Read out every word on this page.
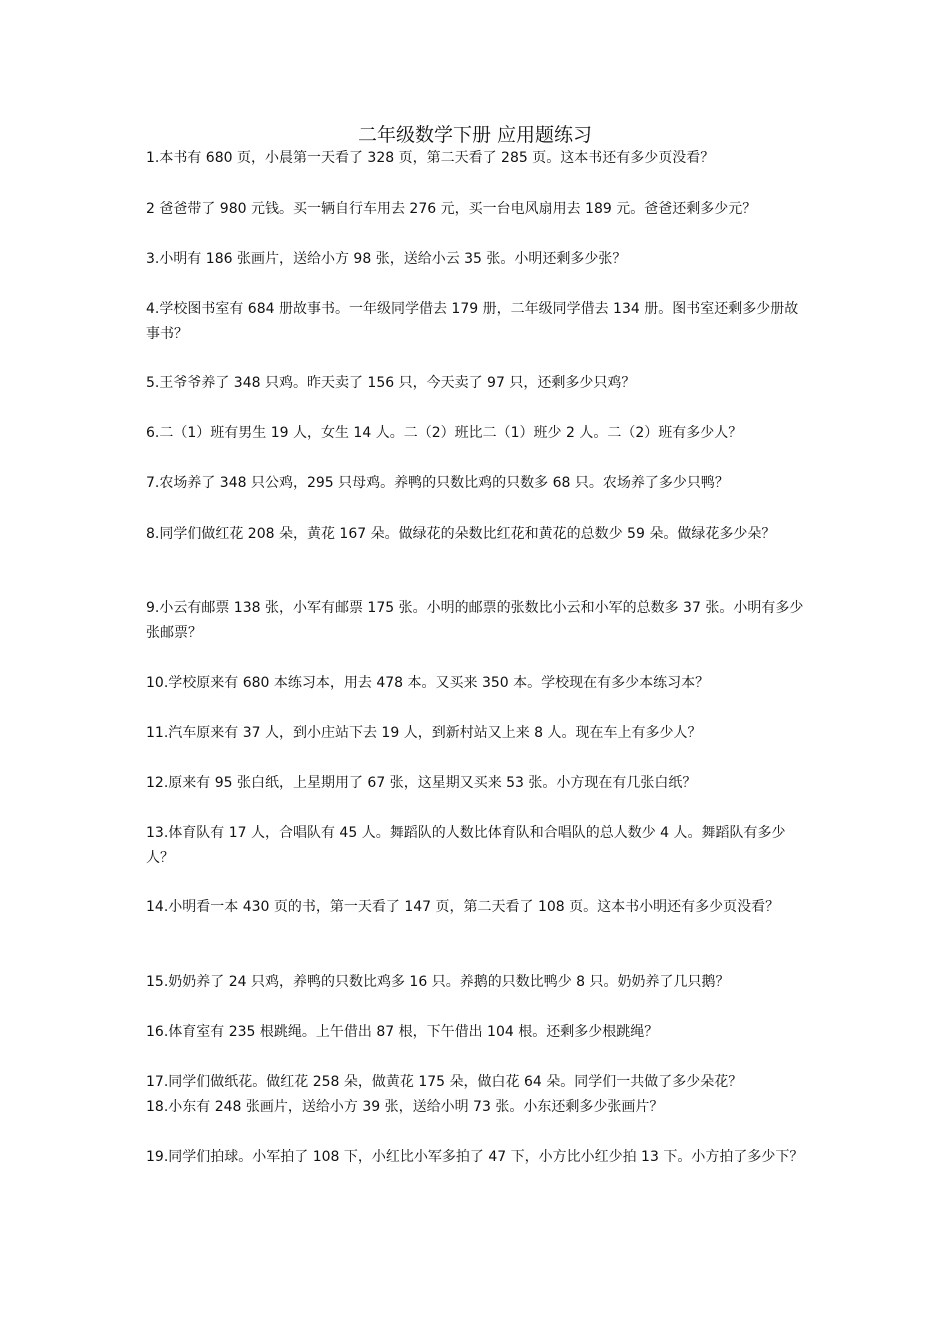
二年级数学下册 应用题练习
1.本书有 680 页，小晨第一天看了 328 页，第二天看了 285 页。这本书还有多少页没看？
2 爸爸带了 980 元钱。买一辆自行车用去 276 元，买一台电风扇用去 189 元。爸爸还剩多少元？
3.小明有 186 张画片，送给小方 98 张，送给小云 35 张。小明还剩多少张？
4.学校图书室有 684 册故事书。一年级同学借去 179 册，二年级同学借去 134 册。图书室还剩多少册故事书？
5.王爷爷养了 348 只鸡。昨天卖了 156 只，今天卖了 97 只，还剩多少只鸡？
6.二（1）班有男生 19 人，女生 14 人。二（2）班比二（1）班少 2 人。二（2）班有多少人？
7.农场养了 348 只公鸡，295 只母鸡。养鸭的只数比鸡的只数多 68 只。农场养了多少只鸭？
8.同学们做红花 208 朵，黄花 167 朵。做绿花的朵数比红花和黄花的总数少 59 朵。做绿花多少朵？
9.小云有邮票 138 张，小军有邮票 175 张。小明的邮票的张数比小云和小军的总数多 37 张。小明有多少张邮票？
10.学校原来有 680 本练习本，用去 478 本。又买来 350 本。学校现在有多少本练习本？
11.汽车原来有 37 人，到小庄站下去 19 人，到新村站又上来 8 人。现在车上有多少人？
12.原来有 95 张白纸，上星期用了 67 张，这星期又买来 53 张。小方现在有几张白纸？
13.体育队有 17 人，合唱队有 45 人。舞蹈队的人数比体育队和合唱队的总人数少 4 人。舞蹈队有多少人？
14.小明看一本 430 页的书，第一天看了 147 页，第二天看了 108 页。这本书小明还有多少页没看？
15.奶奶养了 24 只鸡，养鸭的只数比鸡多 16 只。养鹅的只数比鸭少 8 只。奶奶养了几只鹅？
16.体育室有 235 根跳绳。上午借出 87 根，下午借出 104 根。还剩多少根跳绳？
17.同学们做纸花。做红花 258 朵，做黄花 175 朵，做白花 64 朵。同学们一共做了多少朵花？
18.小东有 248 张画片，送给小方 39 张，送给小明 73 张。小东还剩多少张画片？
19.同学们拍球。小军拍了 108 下，小红比小军多拍了 47 下，小方比小红少拍 13 下。小方拍了多少下？
